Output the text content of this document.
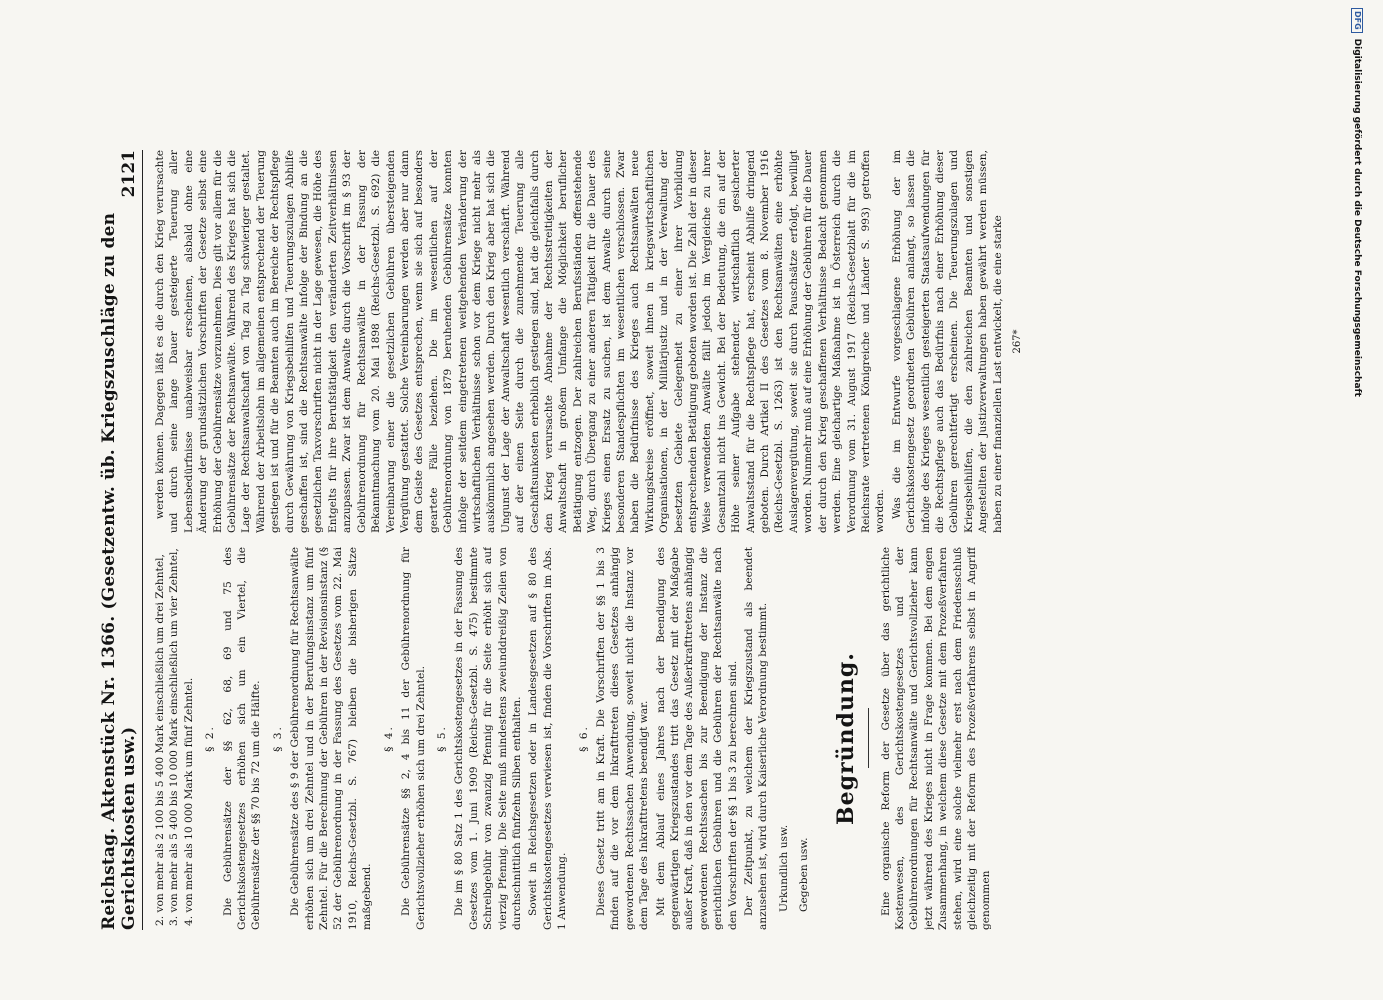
Reichstag. Aktenstück Nr. 1366. (Gesetzentw. üb. Kriegszuschläge zu den Gerichtskosten usw.)
2121

2. von mehr als 2 100 bis 5 400 Mark einschließlich um drei Zehntel, 3. von mehr als 5 400 bis 10 000 Mark einschließlich um vier Zehntel, 4. von mehr als 10 000 Mark um fünf Zehntel. § 2. Die Gebührensätze der §§ 62, 68, 69 und 75 des Gerichtskostengesetzes erhöhen sich um ein Viertel, die Gebührensätze der §§ 70 bis 72 um die Hälfte. § 3. Die Gebührensätze des § 9 der Gebührenordnung für Rechtsanwälte erhöhen sich um drei Zehntel und in der Berufungsinstanz um fünf Zehntel. Für die Berechnung der Gebühren in der Revisionsinstanz (§ 52 der Gebührenordnung in der Fassung des Gesetzes vom 22. Mai 1910, Reichs-Gesetzbl. S. 767) bleiben die bisherigen Sätze maßgebend.

§ 4. Die Gebührensätze §§ 2, 4 bis 11 der Gebührenordnung für Gerichtsvollzieher erhöhen sich um drei Zehntel. § 5. Die im § 80 Satz 1 des Gerichtskostengesetzes in der Fassung des Gesetzes vom 1. Juni 1909 (Reichs-Gesetzbl. S. 475) bestimmte Schreibgebühr von zwanzig Pfennig für die Seite erhöht sich auf vierzig Pfennig. Die Seite muß mindestens zweiunddreißig Zeilen von durchschnittlich fünfzehn Silben enthalten. Soweit in Reichsgesetzen oder in Landesgesetzen auf § 80 des Gerichtskostengesetzes verwiesen ist, finden die Vorschriften im Abs. 1 Anwendung.

§ 6. Dieses Gesetz tritt am in Kraft. Die Vorschriften der §§ 1 bis 3 finden auf die vor dem Inkrafttreten dieses Gesetzes anhängig gewordenen Rechtssachen Anwendung, soweit nicht die Instanz vor dem Tage des Inkrafttretens beendigt war. Mit dem Ablauf eines Jahres nach der Beendigung des gegenwärtigen Kriegszustandes tritt das Gesetz mit der Maßgabe außer Kraft, daß in den vor dem Tage des Außerkrafttretens anhängig gewordenen Rechtssachen bis zur Beendigung der Instanz die gerichtlichen Gebühren und die Gebühren der Rechtsanwälte nach den Vorschriften der §§ 1 bis 3 zu berechnen sind. Der Zeitpunkt, zu welchem der Kriegszustand als beendet anzusehen ist, wird durch Kaiserliche Verordnung bestimmt. Urkundlich usw. Gegeben usw.

Begründung. Eine organische Reform der Gesetze über das gerichtliche Kostenwesen, des Gerichtskostengesetzes und der Gebührenordnungen für Rechtsanwälte und Gerichtsvollzieher kann jetzt während des Krieges nicht in Frage kommen. Bei dem engen Zusammenhang, in welchem diese Gesetze mit dem Prozeßverfahren stehen, wird eine solche vielmehr erst nach dem Friedensschluß gleichzeitig mit der Reform des Prozeßverfahrens selbst in Angriff genommen

werden können. Dagegen läßt es die durch den Krieg verursachte und durch seine lange Dauer gesteigerte Teuerung aller Lebensbedürfnisse unabweisbar erscheinen, alsbald ohne eine Änderung der grundsätzlichen Vorschriften der Gesetze selbst eine Erhöhung der Gebührensätze vorzunehmen. Dies gilt vor allem für die Gebührensätze der Rechtsanwälte. Während des Krieges hat sich die Lage der Rechtsanwaltschaft von Tag zu Tag schwieriger gestaltet. Während der Arbeitslohn im allgemeinen entsprechend der Teuerung gestiegen ist und für die Beamten auch im Bereiche der Rechtspflege durch Gewährung von Kriegsbeihilfen und Teuerungszulagen Abhilfe geschaffen ist, sind die Rechtsanwälte infolge der Bindung an die gesetzlichen Taxvorschriften nicht in der Lage gewesen, die Höhe des Entgelts für ihre Berufstätigkeit den veränderten Zeitverhältnissen anzupassen. Zwar ist dem Anwalte durch die Vorschrift im § 93 der Gebührenordnung für Rechtsanwälte in der Fassung der Bekanntmachung vom 20. Mai 1898 (Reichs-Gesetzbl. S. 692) die Vereinbarung einer die gesetzlichen Gebühren übersteigenden Vergütung gestattet. Solche Vereinbarungen werden aber nur dann dem Geiste des Gesetzes entsprechen, wenn sie sich auf besonders geartete Fälle beziehen. Die im wesentlichen auf der Gebührenordnung von 1879 beruhenden Gebührensätze konnten infolge der seitdem eingetretenen weitgehenden Veränderung der wirtschaftlichen Verhältnisse schon vor dem Kriege nicht mehr als auskömmlich angesehen werden. Durch den Krieg aber hat sich die Ungunst der Lage der Anwaltschaft wesentlich verschärft. Während auf der einen Seite durch die zunehmende Teuerung alle Geschäftsunkosten erheblich gestiegen sind, hat die gleichfalls durch den Krieg verursachte Abnahme der Rechtsstreitigkeiten der Anwaltschaft in großem Umfange die Möglichkeit beruflicher Betätigung entzogen. Der zahlreichen Berufsständen offenstehende Weg, durch Übergang zu einer anderen Tätigkeit für die Dauer des Krieges einen Ersatz zu suchen, ist dem Anwalte durch seine besonderen Standespflichten im wesentlichen verschlossen. Zwar haben die Bedürfnisse des Krieges auch Rechtsanwälten neue Wirkungskreise eröffnet, soweit ihnen in kriegswirtschaftlichen Organisationen, in der Militärjustiz und in der Verwaltung der besetzten Gebiete Gelegenheit zu einer ihrer Vorbildung entsprechenden Betätigung geboten worden ist. Die Zahl der in dieser Weise verwendeten Anwälte fällt jedoch im Vergleiche zu ihrer Gesamtzahl nicht ins Gewicht. Bei der Bedeutung, die ein auf der Höhe seiner Aufgabe stehender, wirtschaftlich gesicherter Anwaltsstand für die Rechtspflege hat, erscheint Abhilfe dringend geboten. Durch Artikel II des Gesetzes vom 8. November 1916 (Reichs-Gesetzbl. S. 1263) ist den Rechtsanwälten eine erhöhte Auslagenvergütung, soweit sie durch Pauschsätze erfolgt, bewilligt worden. Nunmehr muß auf eine Erhöhung der Gebühren für die Dauer der durch den Krieg geschaffenen Verhältnisse Bedacht genommen werden. Eine gleichartige Maßnahme ist in Österreich durch die Verordnung vom 31. August 1917 (Reichs-Gesetzblatt für die im Reichsrate vertretenen Königreiche und Länder S. 993) getroffen worden. Was die im Entwurfe vorgeschlagene Erhöhung der im Gerichtskostengesetz geordneten Gebühren anlangt, so lassen die infolge des Krieges wesentlich gesteigerten Staatsaufwendungen für die Rechtspflege auch das Bedürfnis nach einer Erhöhung dieser Gebühren gerechtfertigt erscheinen. Die Teuerungszulagen und Kriegsbeihilfen, die den zahlreichen Beamten und sonstigen Angestellten der Justizverwaltungen haben gewährt werden müssen, haben zu einer finanziellen Last entwickelt, die eine starke 267*

DFG
Digitalisierung gefördert durch die Deutsche Forschungsgemeinschaft
